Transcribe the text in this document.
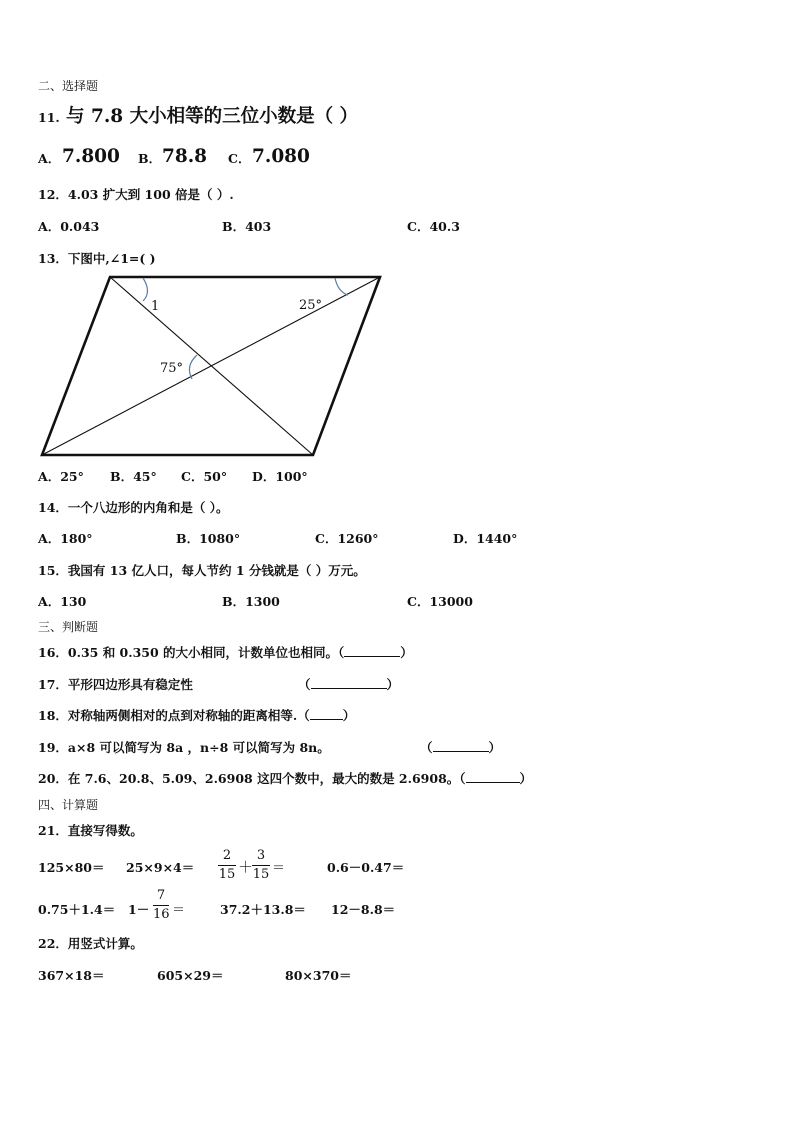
二、选择题
11. 与 7.8 大小相等的三位小数是（ ）
A． 7.800 B． 78.8 C． 7.080
12．4.03 扩大到 100 倍是（ ）.
A．0.043	B．403	C．40.3
13．下图中,∠1=( )
1	25°
75°
A．25° B．45° C．50° D．100°
14．一个八边形的内角和是（ ）。
A．180°	B．1080°	C．1260°	D．1440°
15．我国有 13 亿人口，每人节约 1 分钱就是（ ）万元。
A．130	B．1300	C．13000
三、判断题
16．0.35 和 0.350 的大小相同，计数单位也相同。（	）
17．平形四边形具有稳定性	（	）
18．对称轴两侧相对的点到对称轴的距离相等.（	）
19．a×8 可以简写为 8a ，n÷8 可以简写为 8n。	（	）
20．在 7.6、20.8、5.09、2.6908 这四个数中，最大的数是 2.6908。（	）
四、计算题
21．直接写得数。
125×80＝ 25×9×4＝
2
15 ＋
3
15 ＝	0.6－0.47＝
0.75＋1.4＝ 1－
7
16 ＝	37.2＋13.8＝ 12－8.8＝
22．用竖式计算。
367×18＝	605×29＝	80×370＝
